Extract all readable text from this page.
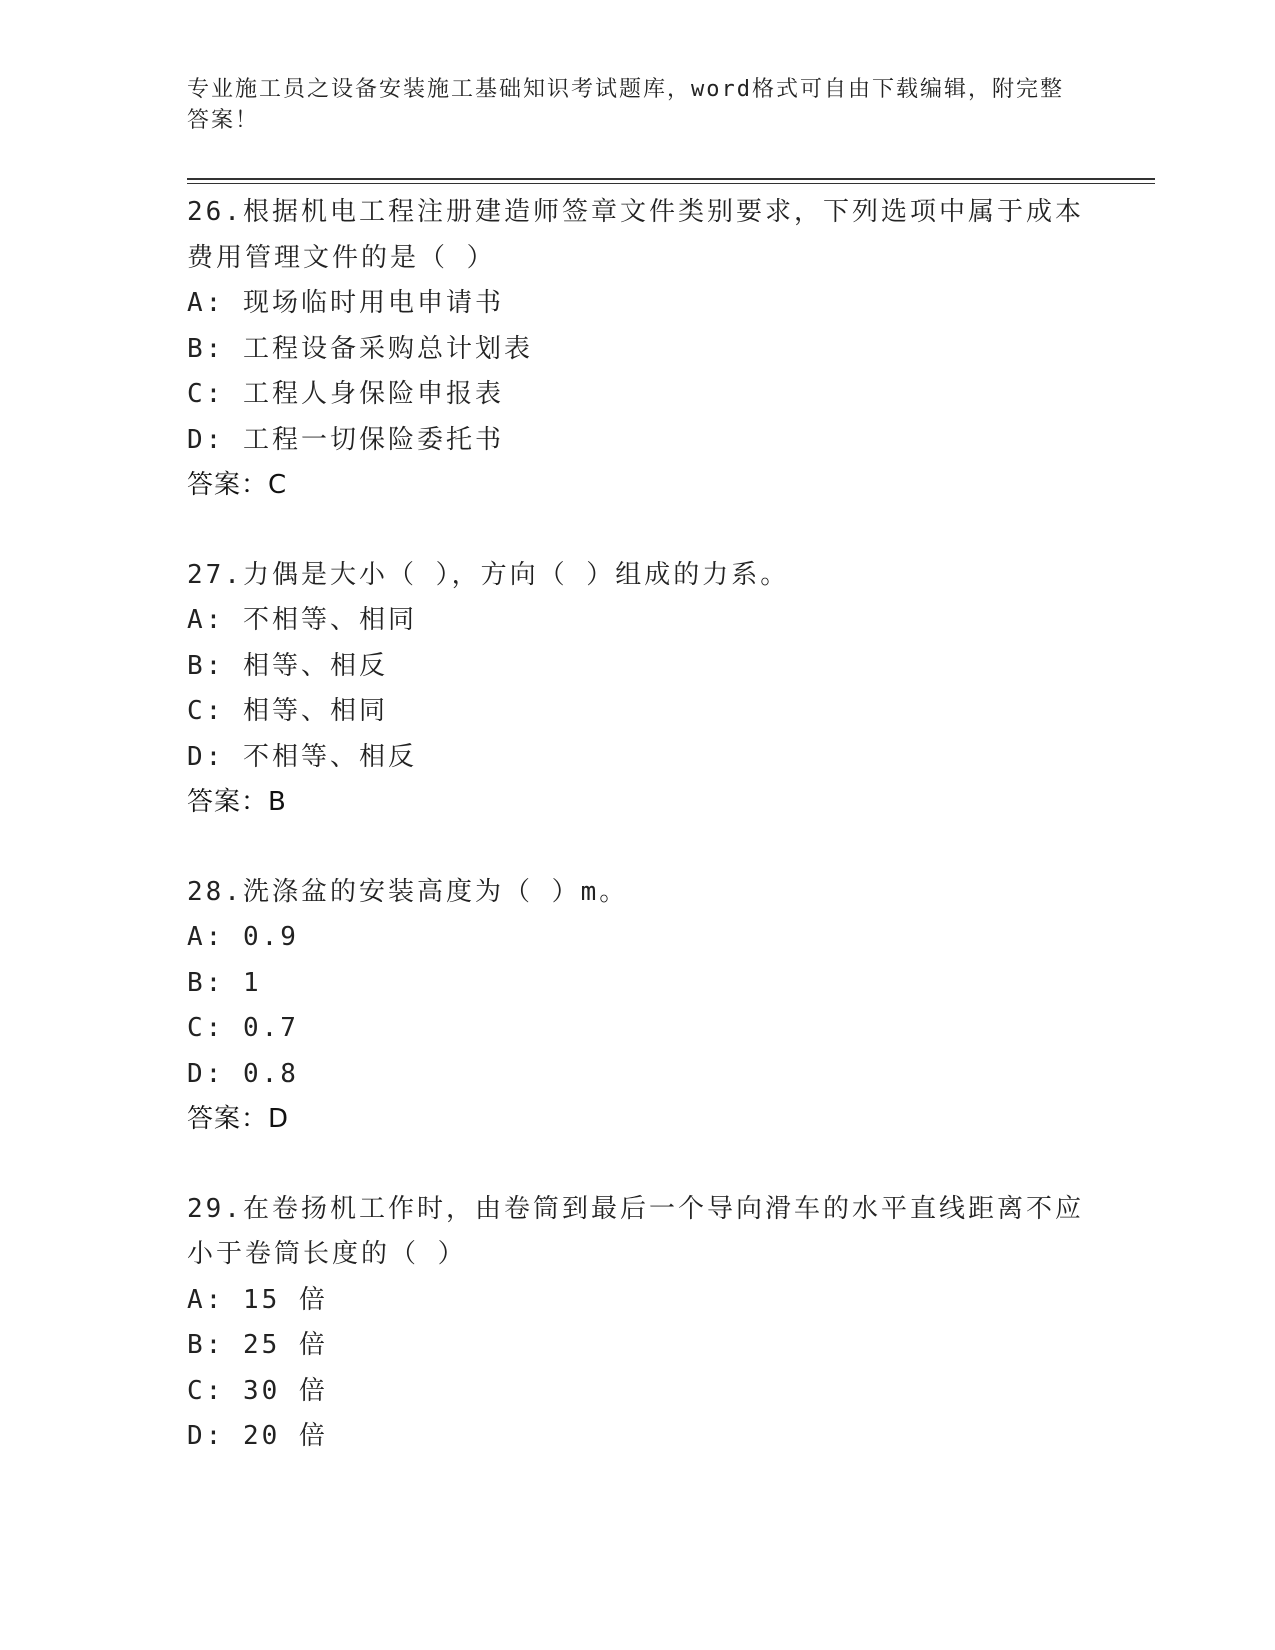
专业施工员之设备安装施工基础知识考试题库，word格式可自由下载编辑，附完整答案！
26.根据机电工程注册建造师签章文件类别要求，下列选项中属于成本费用管理文件的是（ ）
A: 现场临时用电申请书
B: 工程设备采购总计划表
C: 工程人身保险申报表
D: 工程一切保险委托书
答案：C
27.力偶是大小（ ），方向（ ）组成的力系。
A: 不相等、相同
B: 相等、相反
C: 相等、相同
D: 不相等、相反
答案：B
28.洗涤盆的安装高度为（ ）m。
A: 0.9
B: 1
C: 0.7
D: 0.8
答案：D
29.在卷扬机工作时，由卷筒到最后一个导向滑车的水平直线距离不应小于卷筒长度的（ ）
A: 15 倍
B: 25 倍
C: 30 倍
D: 20 倍
